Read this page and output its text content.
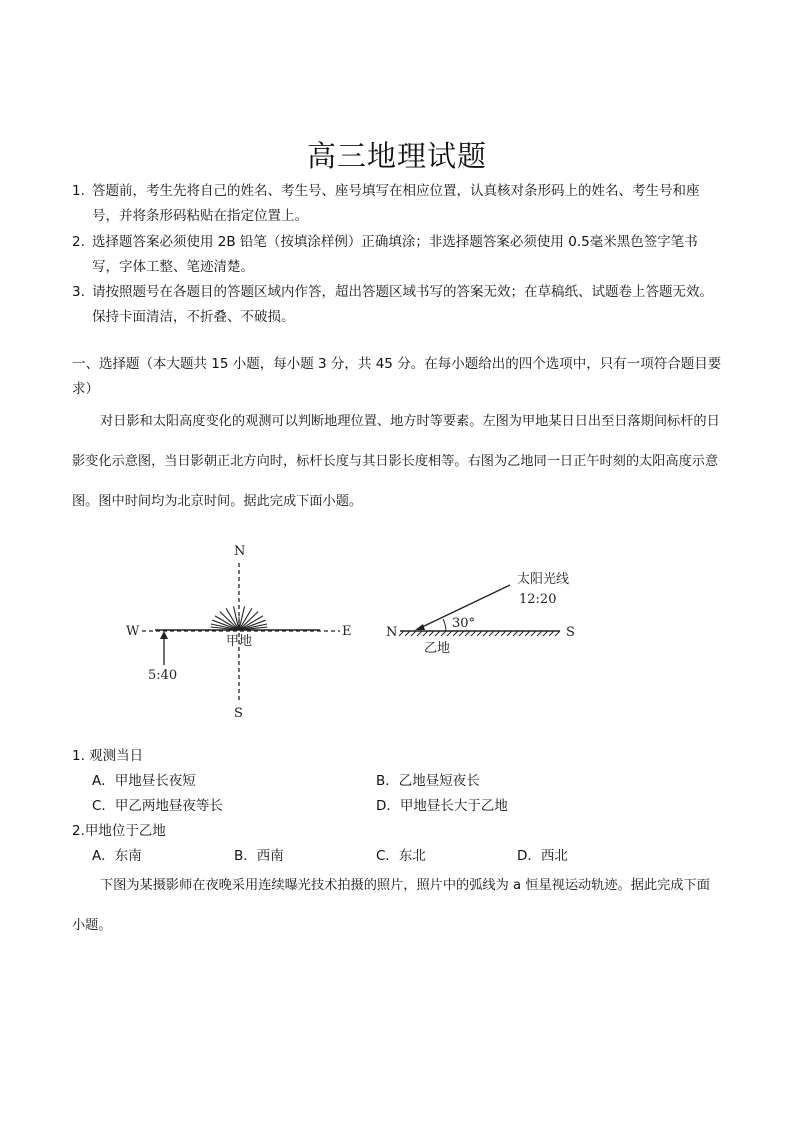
高三地理试题
1. 答题前，考生先将自己的姓名、考生号、座号填写在相应位置，认真核对条形码上的姓名、考生号和座号，并将条形码粘贴在指定位置上。
2. 选择题答案必须使用 2B 铅笔（按填涂样例）正确填涂；非选择题答案必须使用 0.5毫米黑色签字笔书写，字体工整、笔迹清楚。
3. 请按照题号在各题目的答题区域内作答，超出答题区域书写的答案无效；在草稿纸、试题卷上答题无效。保持卡面清洁，不折叠、不破损。
一、选择题（本大题共 15 小题，每小题 3 分，共 45 分。在每小题给出的四个选项中，只有一项符合题目要求）
对日影和太阳高度变化的观测可以判断地理位置、地方时等要素。左图为甲地某日日出至日落期间标杆的日影变化示意图，当日影朝正北方向时，标杆长度与其日影长度相等。右图为乙地同一日正午时刻的太阳高度示意图。图中时间均为北京时间。据此完成下面小题。
N
S
W	E
甲地
5:40
N	S
乙地
太阳光线
12:20
30°
1. 观测当日
A．甲地昼长夜短	B．乙地昼短夜长
C．甲乙两地昼夜等长	D．甲地昼长大于乙地
2.甲地位于乙地
A．东南	B．西南	C．东北	D．西北
下图为某摄影师在夜晚采用连续曝光技术拍摄的照片，照片中的弧线为 a 恒星视运动轨迹。据此完成下面小题。
